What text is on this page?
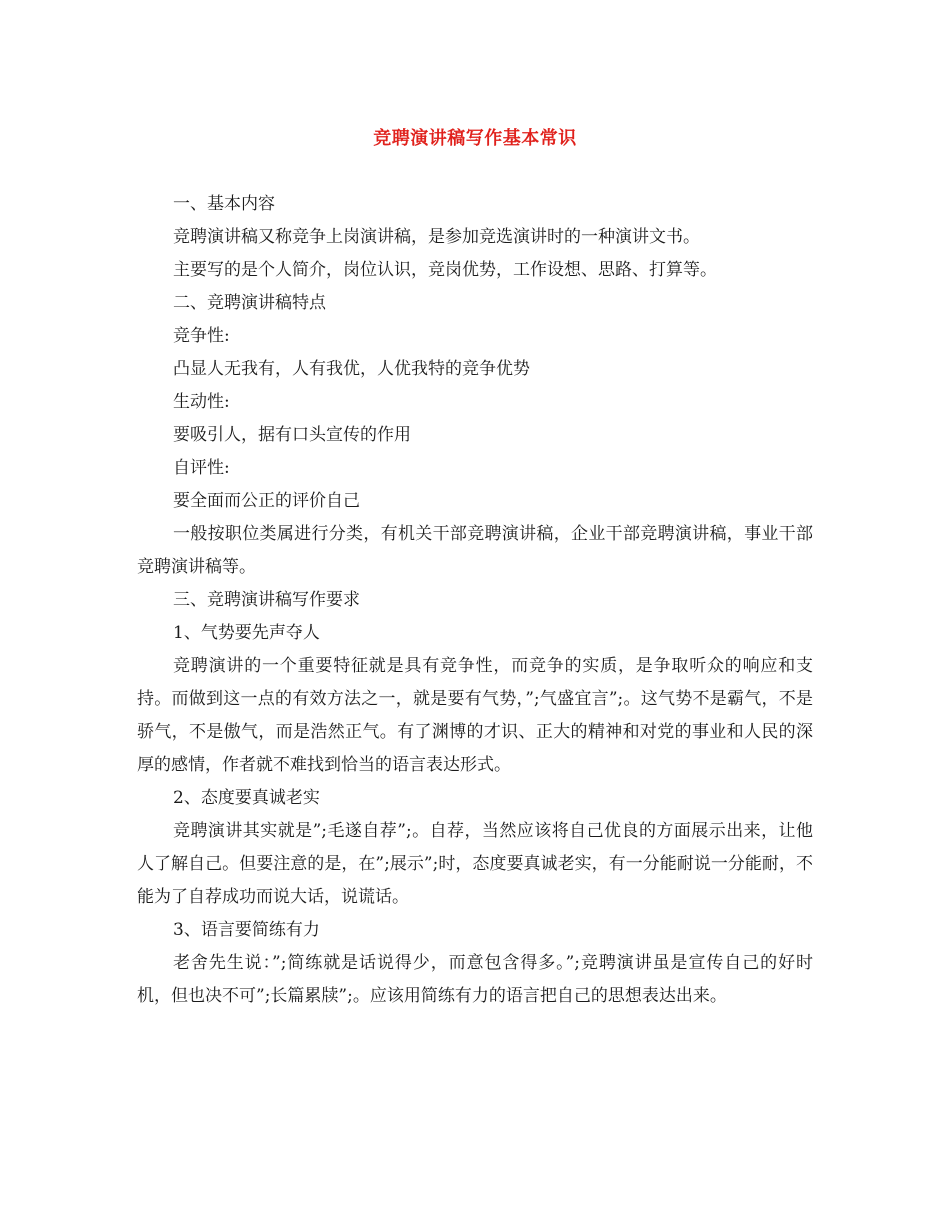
竞聘演讲稿写作基本常识

一、基本内容

竞聘演讲稿又称竞争上岗演讲稿，是参加竞选演讲时的一种演讲文书。

主要写的是个人简介，岗位认识，竞岗优势，工作设想、思路、打算等。

二、竞聘演讲稿特点

竞争性:

凸显人无我有，人有我优，人优我特的竞争优势

生动性:

要吸引人，据有口头宣传的作用

自评性:

要全面而公正的评价自己

一般按职位类属进行分类，有机关干部竞聘演讲稿，企业干部竞聘演讲稿，事业干部竞聘演讲稿等。

三、竞聘演讲稿写作要求

1、气势要先声夺人

竞聘演讲的一个重要特征就是具有竞争性，而竞争的实质，是争取听众的响应和支持。而做到这一点的有效方法之一，就是要有气势，”;气盛宜言”;。这气势不是霸气，不是骄气，不是傲气，而是浩然正气。有了渊博的才识、正大的精神和对党的事业和人民的深厚的感情，作者就不难找到恰当的语言表达形式。

2、态度要真诚老实

竞聘演讲其实就是”;毛遂自荐”;。自荐，当然应该将自己优良的方面展示出来，让他人了解自己。但要注意的是，在”;展示”;时，态度要真诚老实，有一分能耐说一分能耐，不能为了自荐成功而说大话，说谎话。

3、语言要简练有力

老舍先生说：”;简练就是话说得少，而意包含得多。”;竞聘演讲虽是宣传自己的好时机，但也决不可”;长篇累牍”;。应该用简练有力的语言把自己的思想表达出来。
